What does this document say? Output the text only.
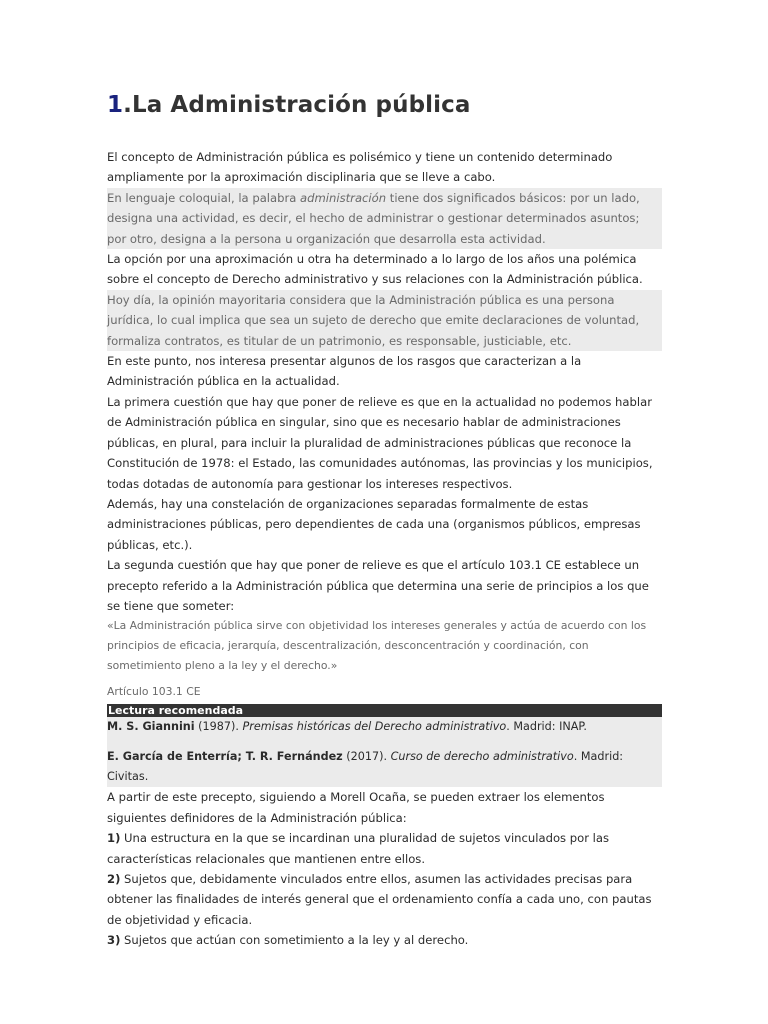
1.La Administración pública

El concepto de Administración pública es polisémico y tiene un contenido determinado ampliamente por la aproximación disciplinaria que se lleve a cabo.

En lenguaje coloquial, la palabra administración tiene dos significados básicos: por un lado, designa una actividad, es decir, el hecho de administrar o gestionar determinados asuntos; por otro, designa a la persona u organización que desarrolla esta actividad.

La opción por una aproximación u otra ha determinado a lo largo de los años una polémica sobre el concepto de Derecho administrativo y sus relaciones con la Administración pública.

Hoy día, la opinión mayoritaria considera que la Administración pública es una persona jurídica, lo cual implica que sea un sujeto de derecho que emite declaraciones de voluntad, formaliza contratos, es titular de un patrimonio, es responsable, justiciable, etc.

En este punto, nos interesa presentar algunos de los rasgos que caracterizan a la Administración pública en la actualidad.

La primera cuestión que hay que poner de relieve es que en la actualidad no podemos hablar de Administración pública en singular, sino que es necesario hablar de administraciones públicas, en plural, para incluir la pluralidad de administraciones públicas que reconoce la Constitución de 1978: el Estado, las comunidades autónomas, las provincias y los municipios, todas dotadas de autonomía para gestionar los intereses respectivos.

Además, hay una constelación de organizaciones separadas formalmente de estas administraciones públicas, pero dependientes de cada una (organismos públicos, empresas públicas, etc.).

La segunda cuestión que hay que poner de relieve es que el artículo 103.1 CE establece un precepto referido a la Administración pública que determina una serie de principios a los que se tiene que someter:

«La Administración pública sirve con objetividad los intereses generales y actúa de acuerdo con los principios de eficacia, jerarquía, descentralización, desconcentración y coordinación, con sometimiento pleno a la ley y el derecho.»

Artículo 103.1 CE

Lectura recomendada

M. S. Giannini (1987). Premisas históricas del Derecho administrativo. Madrid: INAP.

E. García de Enterría; T. R. Fernández (2017). Curso de derecho administrativo. Madrid: Civitas.

A partir de este precepto, siguiendo a Morell Ocaña, se pueden extraer los elementos siguientes definidores de la Administración pública:

1) Una estructura en la que se incardinan una pluralidad de sujetos vinculados por las características relacionales que mantienen entre ellos.

2) Sujetos que, debidamente vinculados entre ellos, asumen las actividades precisas para obtener las finalidades de interés general que el ordenamiento confía a cada uno, con pautas de objetividad y eficacia.

3) Sujetos que actúan con sometimiento a la ley y al derecho.
